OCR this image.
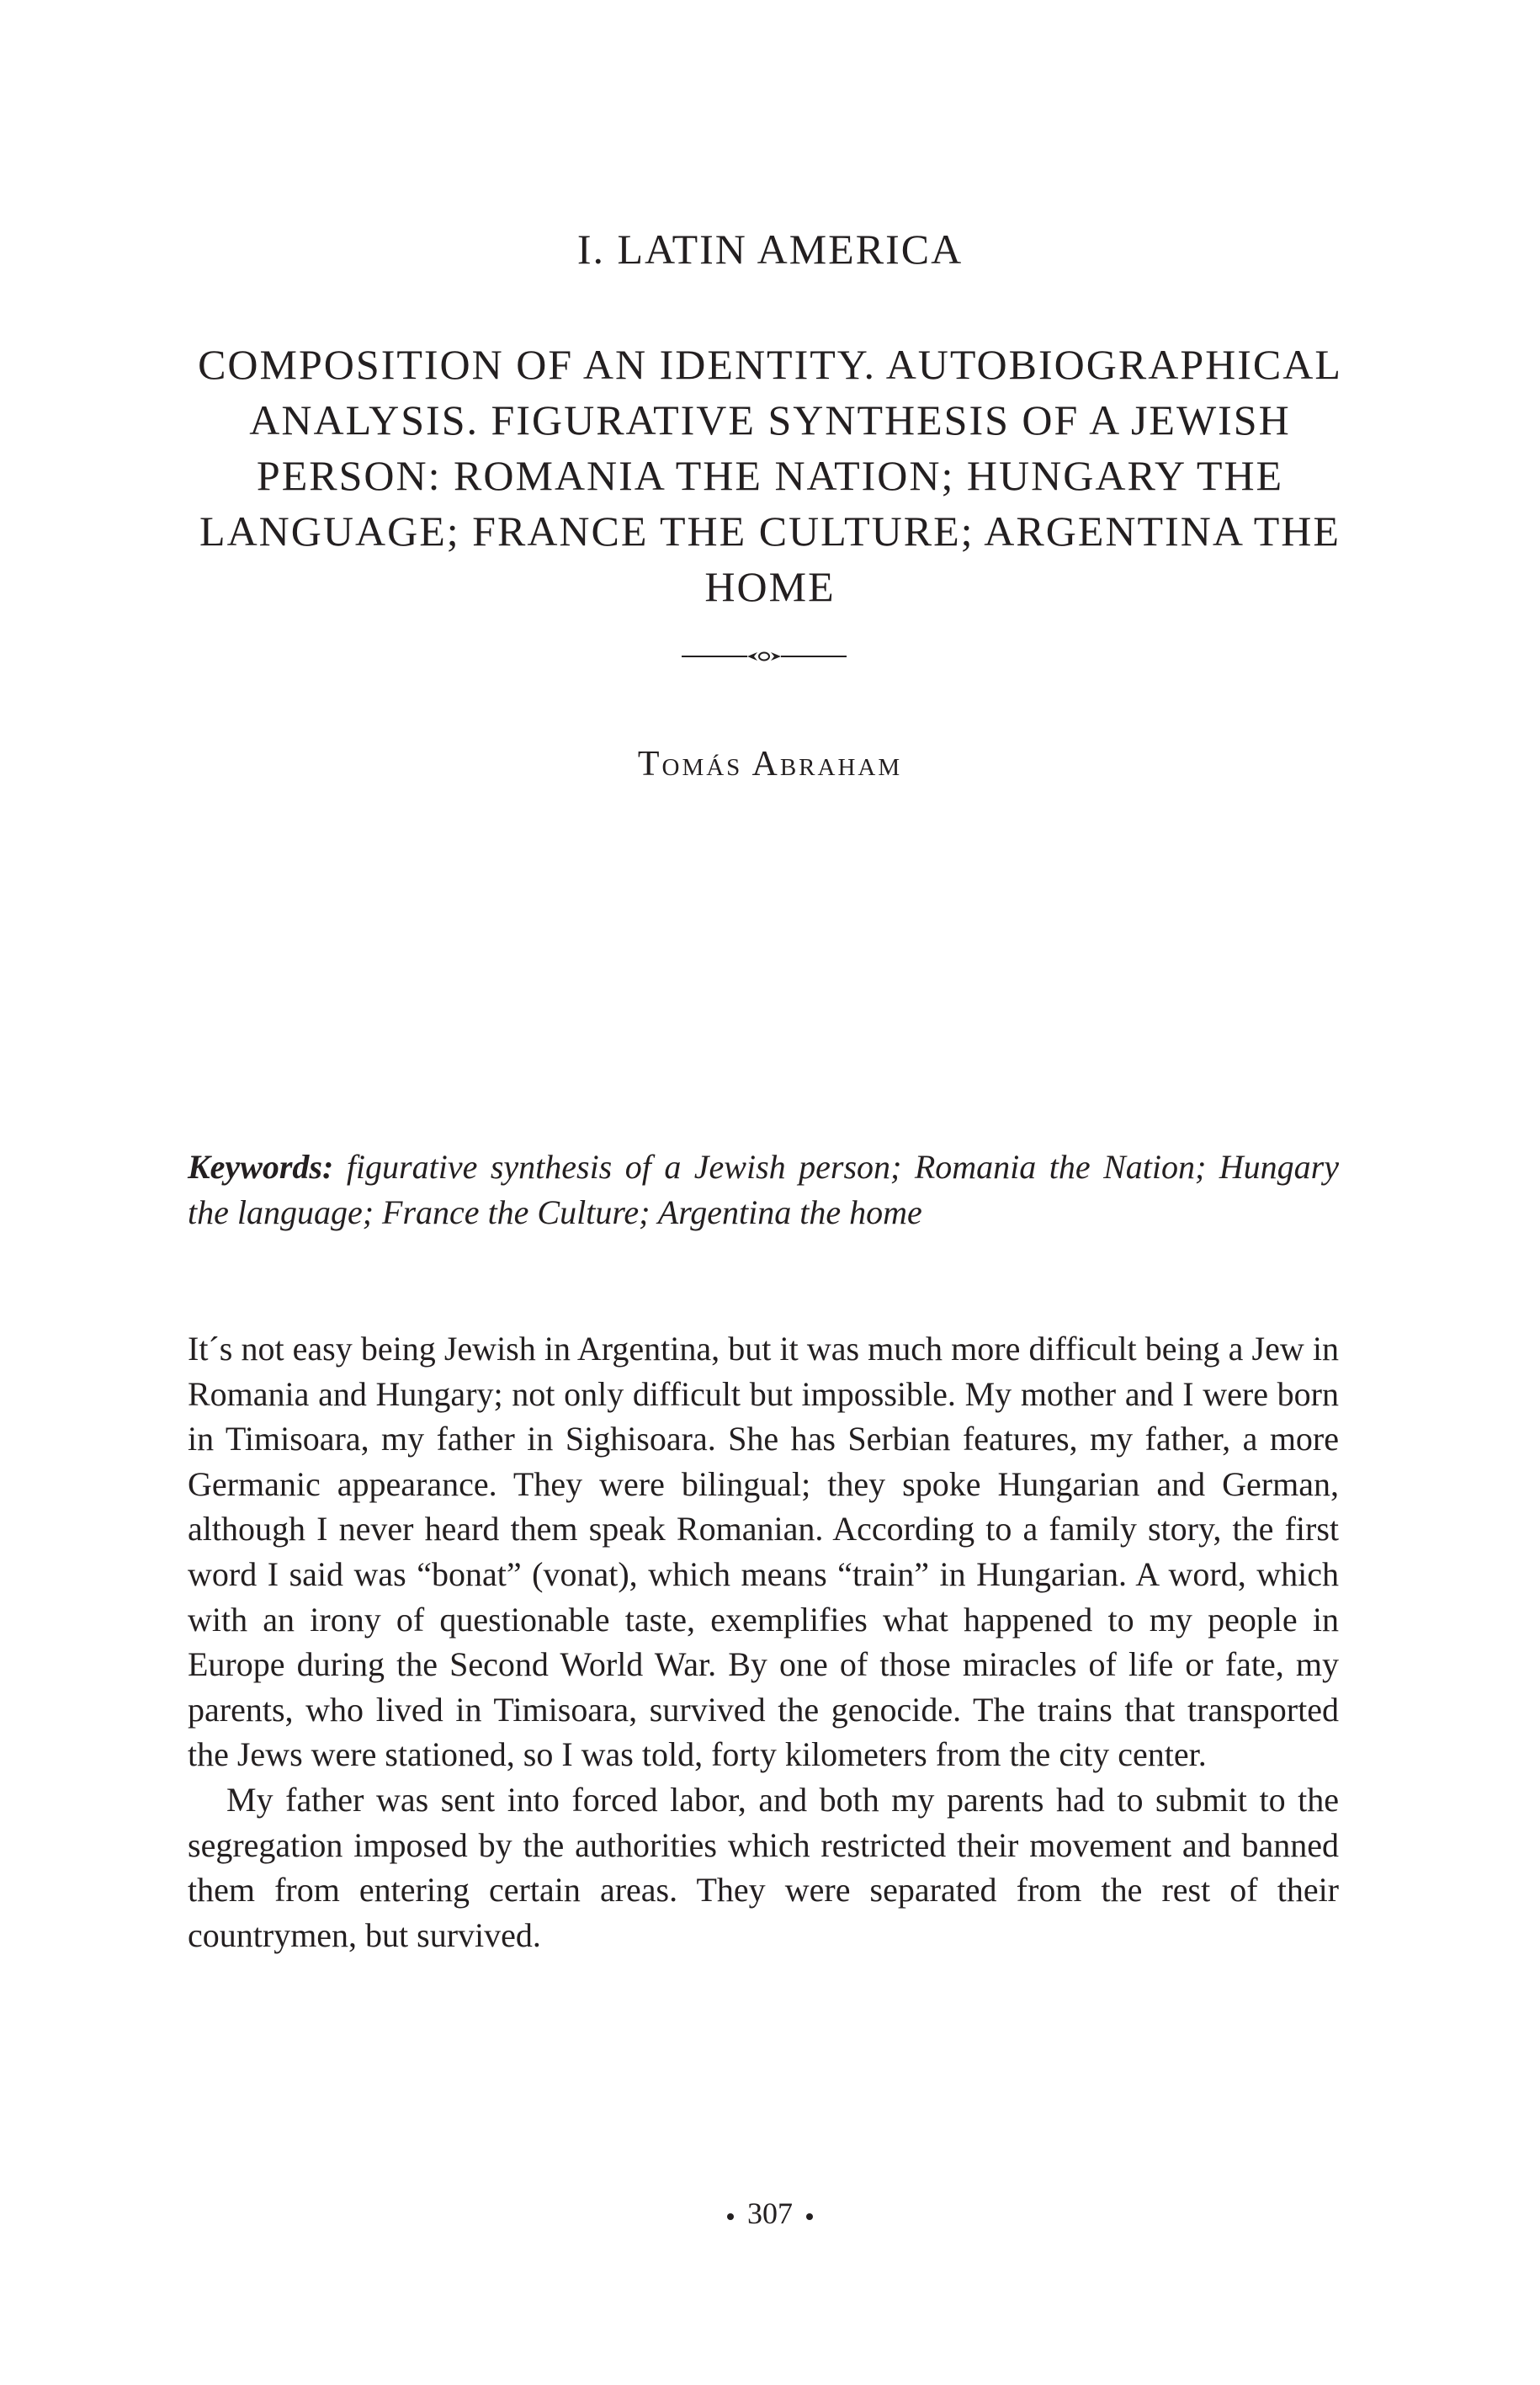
I. LATIN AMERICA
COMPOSITION OF AN IDENTITY. AUTOBIOGRAPHICAL ANALYSIS. FIGURATIVE SYNTHESIS OF A JEWISH PERSON: ROMANIA THE NATION; HUNGARY THE LANGUAGE; FRANCE THE CULTURE; ARGENTINA THE HOME
Tomás Abraham

Keywords: figurative synthesis of a Jewish person; Romania the Nation; Hungary the language; France the Culture; Argentina the home

It´s not easy being Jewish in Argentina, but it was much more difficult being a Jew in Romania and Hungary; not only difficult but impossible. My mother and I were born in Timisoara, my father in Sighisoara. She has Serbian features, my father, a more Germanic appearance. They were bilingual; they spoke Hungarian and German, although I never heard them speak Romanian. According to a family story, the first word I said was “bonat” (vonat), which means “train” in Hungarian. A word, which with an irony of questionable taste, exemplifies what happened to my people in Europe during the Second World War. By one of those miracles of life or fate, my parents, who lived in Timisoara, survived the genocide. The trains that transported the Jews were stationed, so I was told, forty kilometers from the city center.

My father was sent into forced labor, and both my parents had to submit to the segregation imposed by the authorities which restricted their movement and banned them from entering certain areas. They were separated from the rest of their countrymen, but survived.

307
